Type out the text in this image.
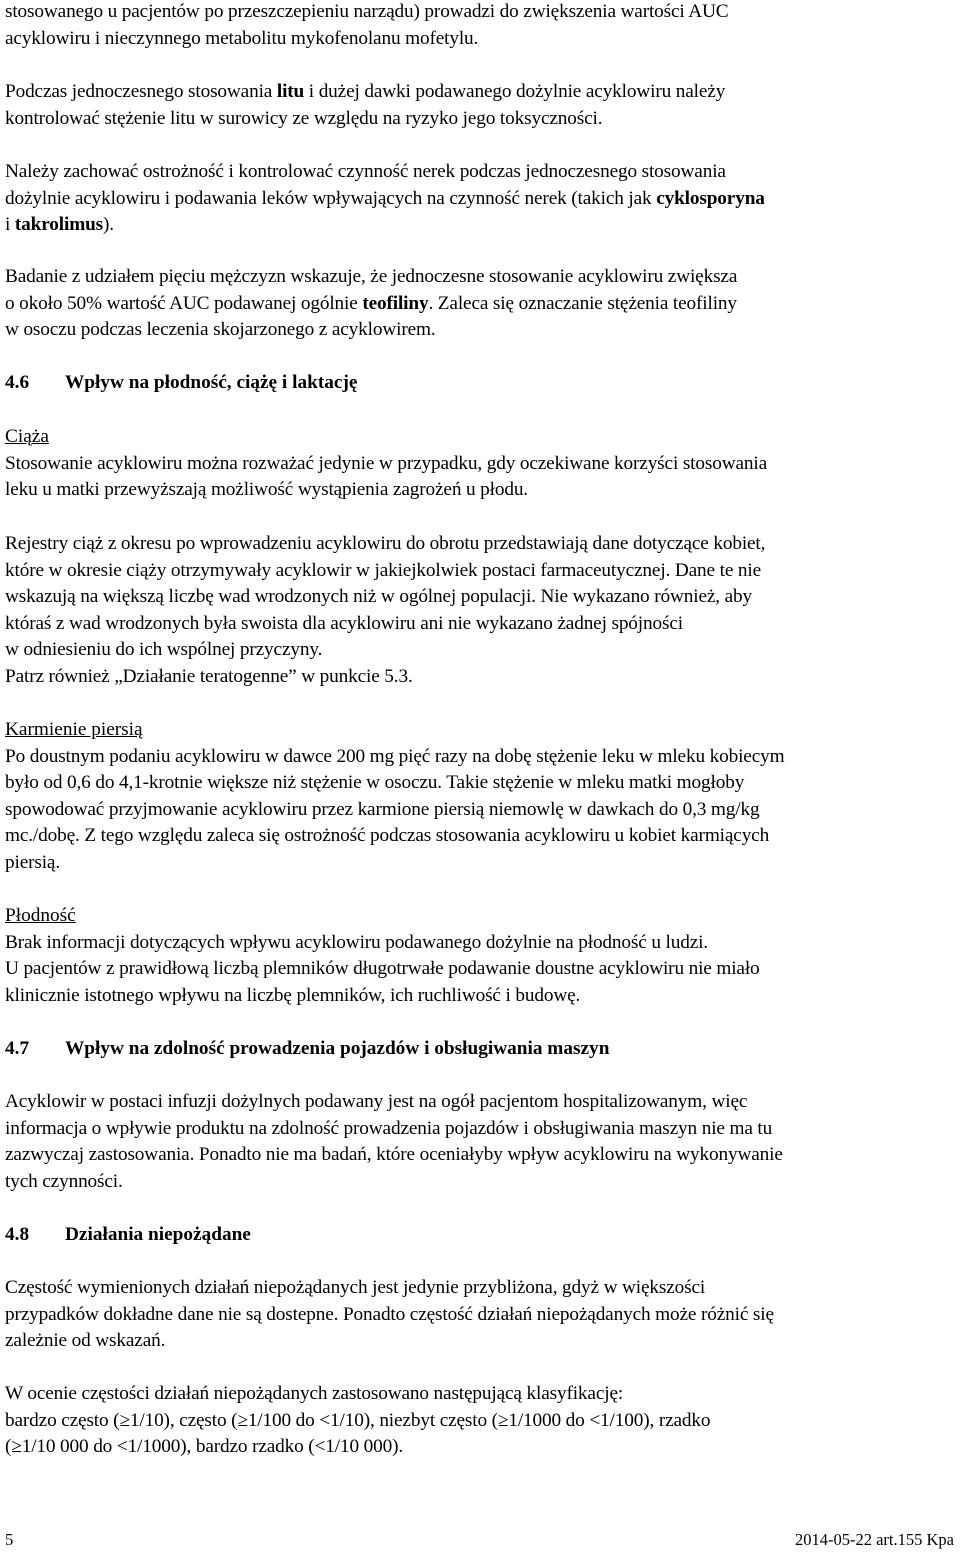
stosowanego u pacjentów po przeszczepieniu narządu) prowadzi do zwiększenia wartości AUC
acyklowiru i nieczynnego metabolitu mykofenolanu mofetylu.

Podczas jednoczesnego stosowania litu i dużej dawki podawanego dożylnie acyklowiru należy
kontrolować stężenie litu w surowicy ze względu na ryzyko jego toksyczności.

Należy zachować ostrożność i kontrolować czynność nerek podczas jednoczesnego stosowania
dożylnie acyklowiru i podawania leków wpływających na czynność nerek (takich jak cyklosporyna
i takrolimus).

Badanie z udziałem pięciu mężczyzn wskazuje, że jednoczesne stosowanie acyklowiru zwiększa
o około 50% wartość AUC podawanej ogólnie teofiliny. Zaleca się oznaczanie stężenia teofiliny
w osoczu podczas leczenia skojarzonego z acyklowirem.

4.6 Wpływ na płodność, ciążę i laktację
Ciąża

Stosowanie acyklowiru można rozważać jedynie w przypadku, gdy oczekiwane korzyści stosowania
leku u matki przewyższają możliwość wystąpienia zagrożeń u płodu.

Rejestry ciąż z okresu po wprowadzeniu acyklowiru do obrotu przedstawiają dane dotyczące kobiet,
które w okresie ciąży otrzymywały acyklowir w jakiejkolwiek postaci farmaceutycznej. Dane te nie
wskazują na większą liczbę wad wrodzonych niż w ogólnej populacji. Nie wykazano również, aby
któraś z wad wrodzonych była swoista dla acyklowiru ani nie wykazano żadnej spójności
w odniesieniu do ich wspólnej przyczyny.
Patrz również „Działanie teratogenne” w punkcie 5.3.

Karmienie piersią

Po doustnym podaniu acyklowiru w dawce 200 mg pięć razy na dobę stężenie leku w mleku kobiecym
było od 0,6 do 4,1-krotnie większe niż stężenie w osoczu. Takie stężenie w mleku matki mogłoby
spowodować przyjmowanie acyklowiru przez karmione piersią niemowlę w dawkach do 0,3 mg/kg
mc./dobę. Z tego względu zaleca się ostrożność podczas stosowania acyklowiru u kobiet karmiących
piersią.

Płodność

Brak informacji dotyczących wpływu acyklowiru podawanego dożylnie na płodność u ludzi.
U pacjentów z prawidłową liczbą plemników długotrwałe podawanie doustne acyklowiru nie miało
klinicznie istotnego wpływu na liczbę plemników, ich ruchliwość i budowę.

4.7 Wpływ na zdolność prowadzenia pojazdów i obsługiwania maszyn

Acyklowir w postaci infuzji dożylnych podawany jest na ogół pacjentom hospitalizowanym, więc
informacja o wpływie produktu na zdolność prowadzenia pojazdów i obsługiwania maszyn nie ma tu
zazwyczaj zastosowania. Ponadto nie ma badań, które oceniałyby wpływ acyklowiru na wykonywanie
tych czynności.

4.8 Działania niepożądane

Częstość wymienionych działań niepożądanych jest jedynie przybliżona, gdyż w większości
przypadków dokładne dane nie są dostepne. Ponadto częstość działań niepożądanych może różnić się
zależnie od wskazań.

W ocenie częstości działań niepożądanych zastosowano następującą klasyfikację:
bardzo często (≥1/10), często (≥1/100 do <1/10), niezbyt często (≥1/1000 do <1/100), rzadko
(≥1/10 000 do <1/1000), bardzo rzadko (<1/10 000).

5	2014-05-22 art.155 Kpa
